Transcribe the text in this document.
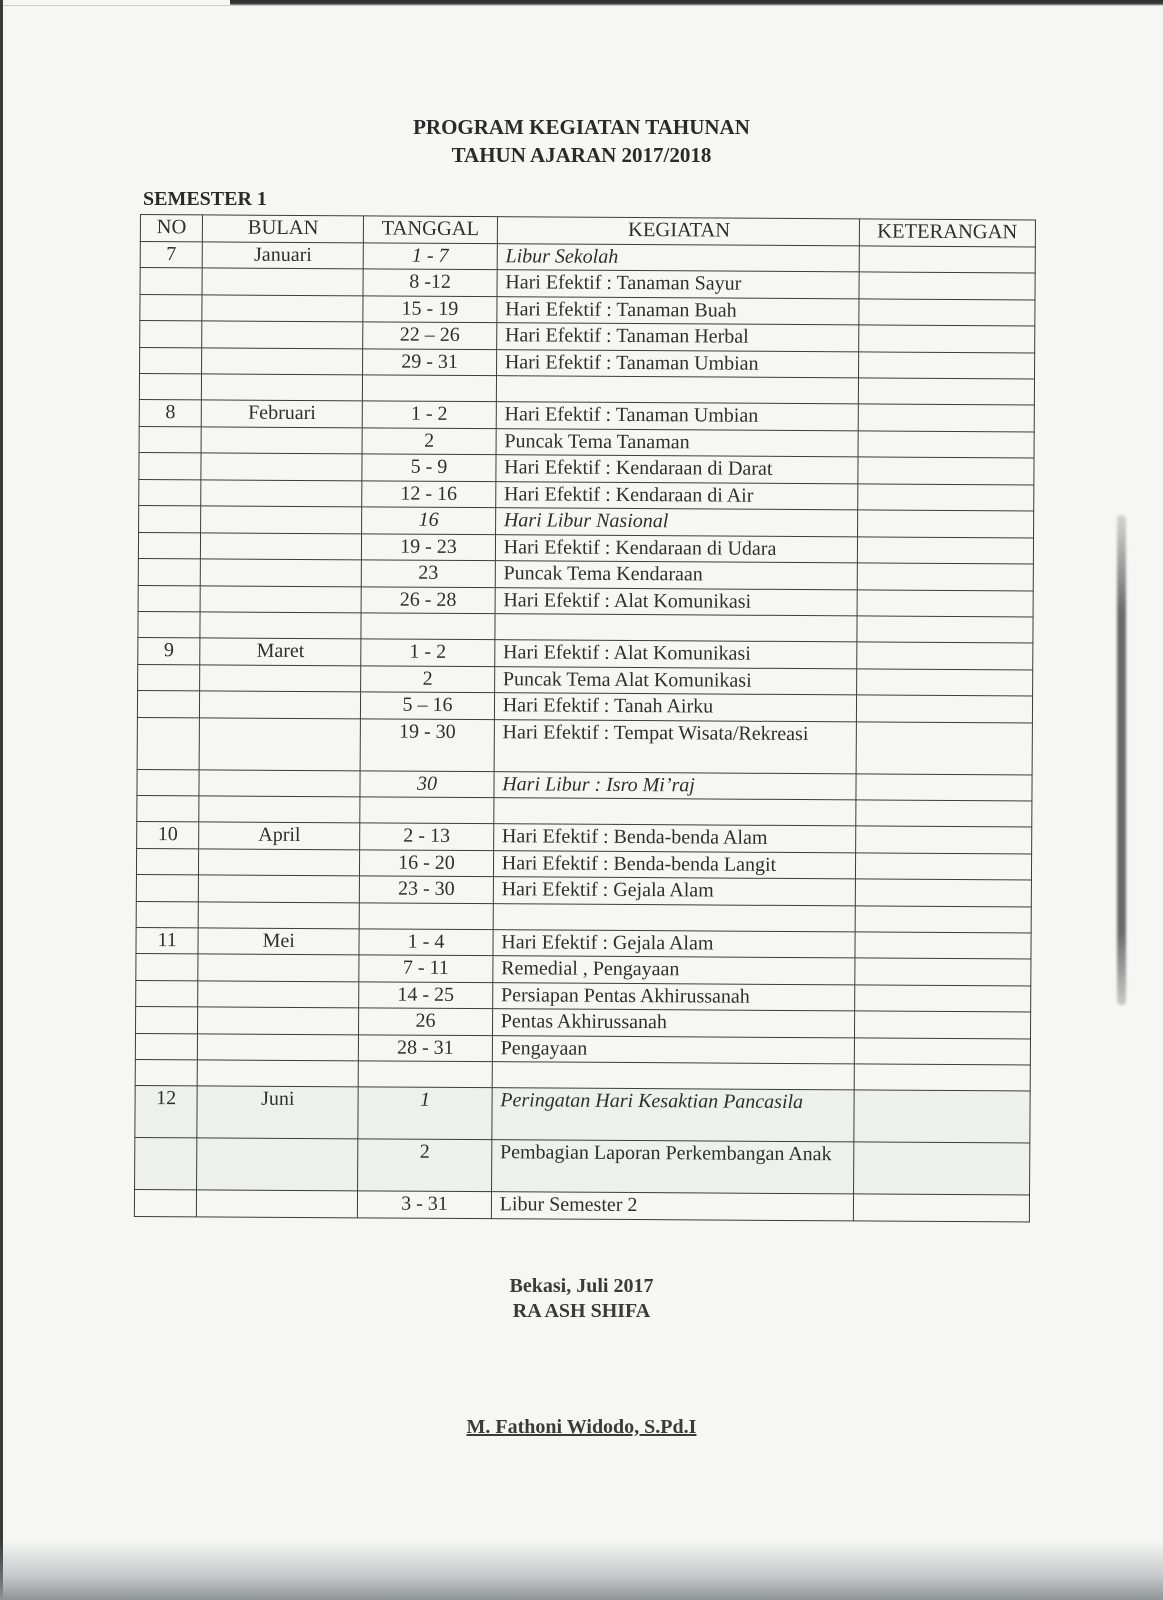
PROGRAM KEGIATAN TAHUNAN
TAHUN AJARAN 2017/2018
SEMESTER 1
NO	BULAN	TANGGAL	KEGIATAN	KETERANGAN
7	Januari	1 - 7	Libur Sekolah	
		8 -12	Hari Efektif : Tanaman Sayur	
		15 - 19	Hari Efektif : Tanaman Buah	
		22 – 26	Hari Efektif : Tanaman Herbal	
		29 - 31	Hari Efektif : Tanaman Umbian	

8	Februari	1 - 2	Hari Efektif : Tanaman Umbian	
		2	Puncak Tema Tanaman	
		5 - 9	Hari Efektif : Kendaraan di Darat	
		12 - 16	Hari Efektif : Kendaraan di Air	
		16	Hari Libur Nasional	
		19 - 23	Hari Efektif : Kendaraan di Udara	
		23	Puncak Tema Kendaraan	
		26 - 28	Hari Efektif : Alat Komunikasi	

9	Maret	1 - 2	Hari Efektif : Alat Komunikasi	
		2	Puncak Tema Alat Komunikasi	
		5 – 16	Hari Efektif : Tanah Airku	
		19 - 30	Hari Efektif : Tempat Wisata/Rekreasi	
		30	Hari Libur : Isro Mi’raj	

10	April	2 - 13	Hari Efektif : Benda-benda Alam	
		16 - 20	Hari Efektif : Benda-benda Langit	
		23 - 30	Hari Efektif : Gejala Alam	

11	Mei	1 - 4	Hari Efektif : Gejala Alam	
		7 - 11	Remedial , Pengayaan	
		14 - 25	Persiapan Pentas Akhirussanah	
		26	Pentas Akhirussanah	
		28 - 31	Pengayaan	

12	Juni	1	Peringatan Hari Kesaktian Pancasila	
		2	Pembagian Laporan Perkembangan Anak	
		3 - 31	Libur Semester 2	
Bekasi, Juli 2017
RA ASH SHIFA
M. Fathoni Widodo, S.Pd.I
